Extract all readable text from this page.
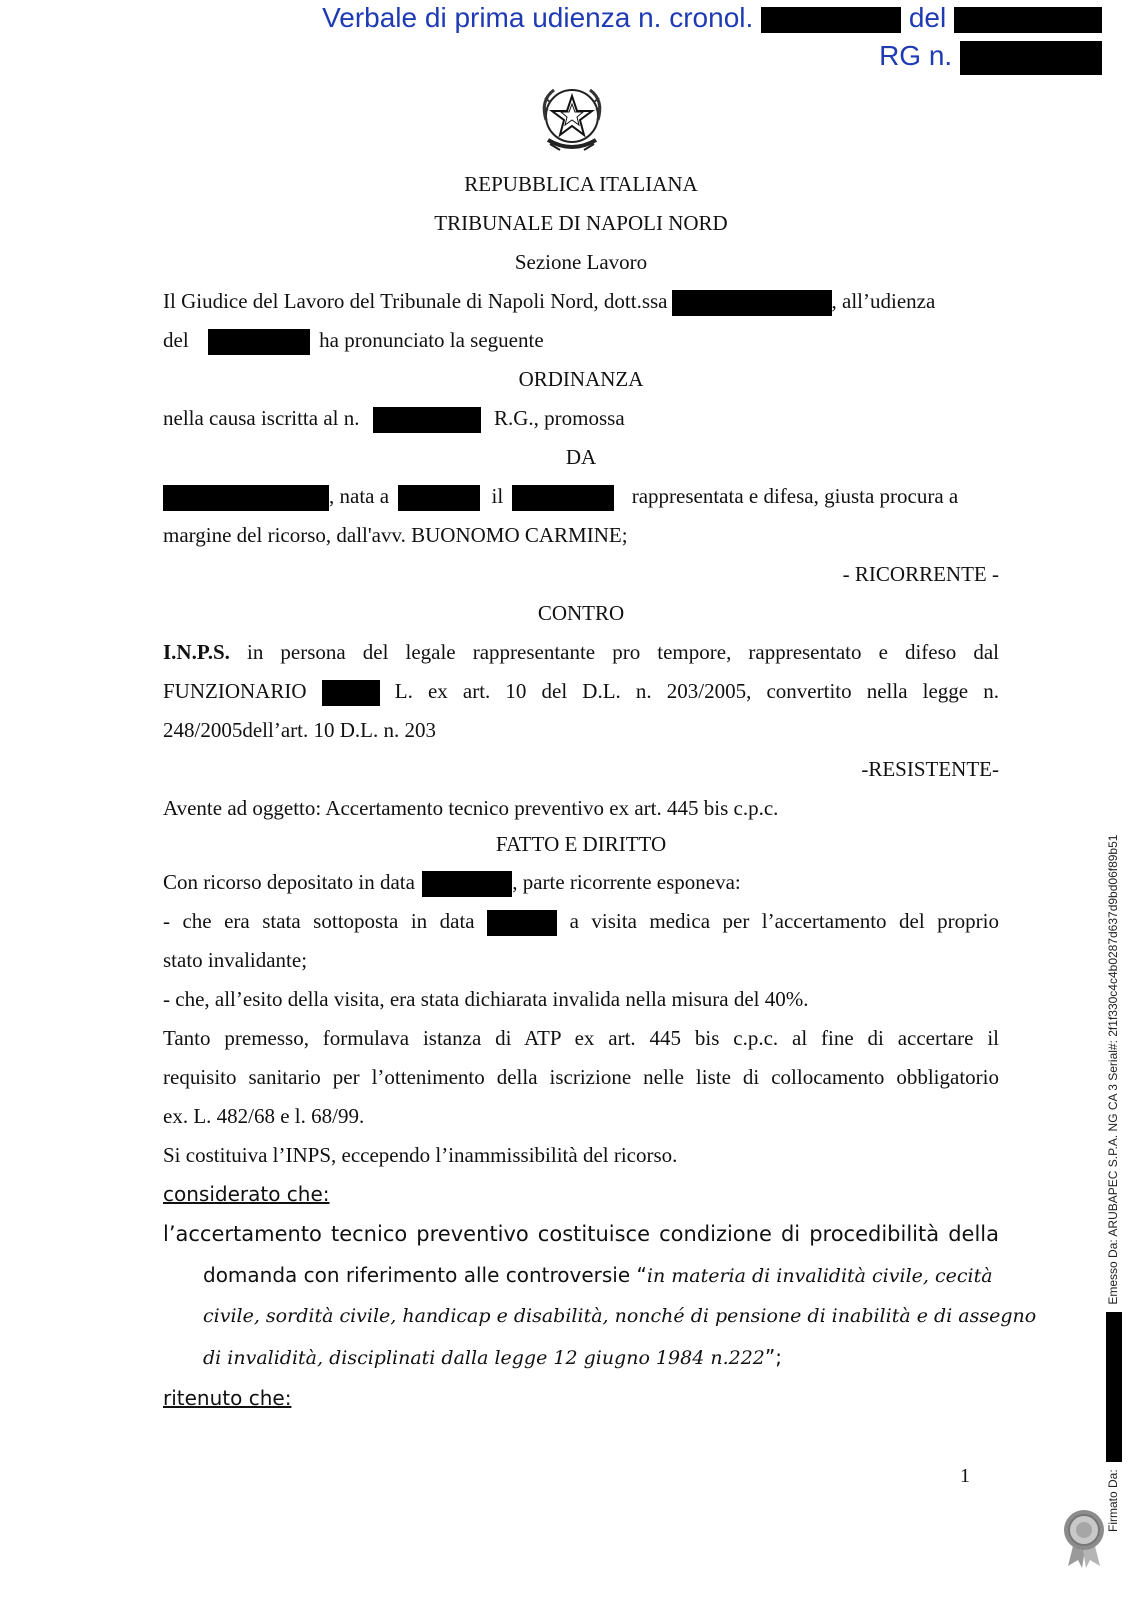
Verbale di prima udienza n. cronol.	del
RG n.
REPUBBLICA ITALIANA
TRIBUNALE DI NAPOLI NORD
Sezione Lavoro
Il Giudice del Lavoro del Tribunale di Napoli Nord, dott.ssa	, all’udienza
del	ha pronunciato la seguente
ORDINANZA
nella causa iscritta al n.	R.G., promossa
DA
, nata a	il	rappresentata e difesa, giusta procura a
margine del ricorso, dall'avv. BUONOMO CARMINE;
- RICORRENTE -
CONTRO
I.N.P.S. in persona del legale rappresentante pro tempore, rappresentato e difeso dal
FUNZIONARIO	L. ex art. 10 del D.L. n. 203/2005, convertito nella legge n.
248/2005dell’art. 10 D.L. n. 203
-RESISTENTE-
Avente ad oggetto: Accertamento tecnico preventivo ex art. 445 bis c.p.c.
FATTO E DIRITTO
Con ricorso depositato in data	, parte ricorrente esponeva:
- che era stata sottoposta in data	a visita medica per l’accertamento del proprio
stato invalidante;
- che, all’esito della visita, era stata dichiarata invalida nella misura del 40%.
Tanto premesso, formulava istanza di ATP ex art. 445 bis c.p.c. al fine di accertare il
requisito sanitario per l’ottenimento della iscrizione nelle liste di collocamento obbligatorio
ex. L. 482/68 e l. 68/99.
Si costituiva l’INPS, eccependo l’inammissibilità del ricorso.
considerato che:
l’accertamento tecnico preventivo costituisce condizione di procedibilità della
domanda con riferimento alle controversie “in materia di invalidità civile, cecità
civile, sordità civile, handicap e disabilità, nonché di pensione di inabilità e di assegno
di invalidità, disciplinati dalla legge 12 giugno 1984 n.222”;
ritenuto che:
1	Firmato Da:  Emesso Da: ARUBAPEC S.P.A. NG CA 3 Serial#: 2f1f330c4c4b0287d637d9bd06f89b51
